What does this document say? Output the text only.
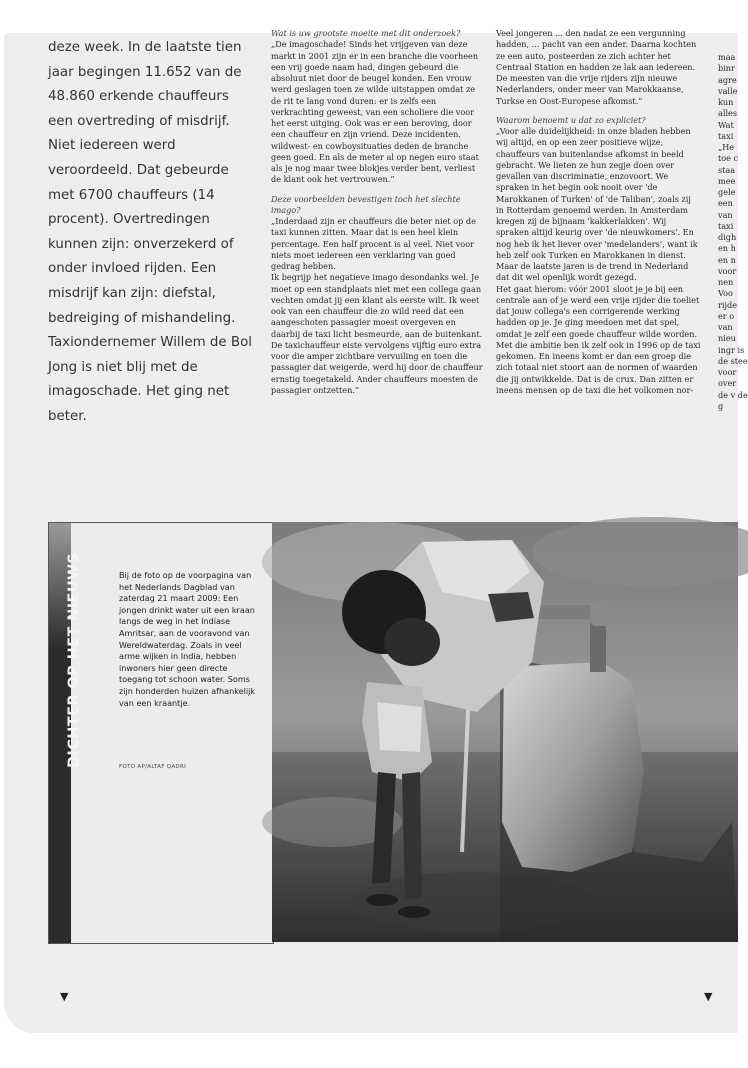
deze week. In de laatste tien jaar begingen 11.652 van de 48.860 erkende chauffeurs een overtreding of misdrijf. Niet iedereen werd veroordeeld. Dat gebeurde met 6700 chauffeurs (14 procent). Overtredingen kunnen zijn: onverzekerd of onder invloed rijden. Een misdrijf kan zijn: diefstal, bedreiging of mishandeling. Taxiondernemer Willem de Bol Jong is niet blij met de imagoschade. Het ging net beter.

Wat is uw grootste moeite met dit onderzoek?

„De imagoschade! Sinds het vrijgeven van deze markt in 2001 zijn er in een branche die voorheen een vrij goede naam had, dingen gebeurd die absoluut niet door de beugel konden. Een vrouw werd geslagen toen ze wilde uitstappen omdat ze de rit te lang vond duren: er is zelfs een verkrachting geweest, van een scholiere die voor het eerst uitging. Ook was er een beroving, door een chauffeur en zijn vriend. Deze incidenten, wildwest- en cowboysituaties deden de branche geen goed. En als de meter al op negen euro staat als je nog maar twee blokjes verder bent, verliest de klant ook het vertrouwen.”

Deze voorbeelden bevestigen toch het slechte imago?

„Inderdaad zijn er chauffeurs die beter niet op de taxi kunnen zitten. Maar dat is een heel klein percentage. Een half procent is al veel. Niet voor niets moet iedereen een verklaring van goed gedrag hebben.

Ik begrijp het negatieve imago desondanks wel. Je moet op een standplaats niet met een collega gaan vechten omdat jij een klant als eerste wilt. Ik weet ook van een chauffeur die zo wild reed dat een aangeschoten passagier moest overgeven en daarbij de taxi licht besmeurde, aan de buitenkant. De taxichauffeur eiste vervolgens vijftig euro extra voor die amper zichtbare vervuiling en toen die passagier dat weigerde, werd hij door de chauffeur ernstig toegetakeld. Ander chauffeurs moesten de passagier ontzetten.”

Veel jongeren ... den nadat ze een vergunning hadden, ... pacht van een ander. Daarna kochten ze een auto, posteerden ze zich achter het Centraal Station en hadden ze lak aan iedereen. De meesten van die vrije rijders zijn nieuwe Nederlanders, onder meer van Marokkaanse, Turkse en Oost-Europese afkomst.”

Waarom benoemt u dat zo expliciet?

„Voor alle duidelijkheid: in onze bladen hebben wij altijd, en op een zeer positieve wijze, chauffeurs van buitenlandse afkomst in beeld gebracht. We lieten ze hun zegje doen over gevallen van discriminatie, enzovoort. We spraken in het begin ook nooit over 'de Marokkanen of Turken' of 'de Taliban', zoals zij in Rotterdam genoemd werden. In Amsterdam kregen zij de bijnaam 'kakkerlakken'. Wij spraken altijd keurig over 'de nieuwkomers'. En nog heb ik het liever over 'medelanders', want ik heb zelf ook Turken en Marokkanen in dienst. Maar de laatste jaren is de trend in Nederland dat dit wel openlijk wordt gezegd.

Het gaat hierom: vóór 2001 sloot je je bij een centrale aan of je werd een vrije rijder die toeliet dat jouw collega's een corrigerende werking hadden op je. Je ging meedoen met dat spel, omdat je zelf een goede chauffeur wilde worden. Met die ambitie ben ik zelf ook in 1996 op de taxi gekomen. En ineens komt er dan een groep die zich totaal niet stoort aan de normen of waarden die jij ontwikkelde. Dat is de crux. Dan zitten er ineens mensen op de taxi die het volkomen nor-

maa binr agre valle kun alles Wat taxi „He toe c staa mee gele een van taxi digh en h en n voor nen Voo rijde er o van nieu ingr is de stee voor over de v de g

DICHTER OP HET NIEUWS	Bij de foto op de voorpagina van het Nederlands Dagblad van zaterdag 21 maart 2009: Een jongen drinkt water uit een kraan langs de weg in het Indiase Amritsar, aan de vooravond van Wereldwaterdag. Zoals in veel arme wijken in India, hebben inwoners hier geen directe toegang tot schoon water. Soms zijn honderden huizen afhankelijk van een kraantje.
FOTO AP/ALTAF QADRI
▼	▼
